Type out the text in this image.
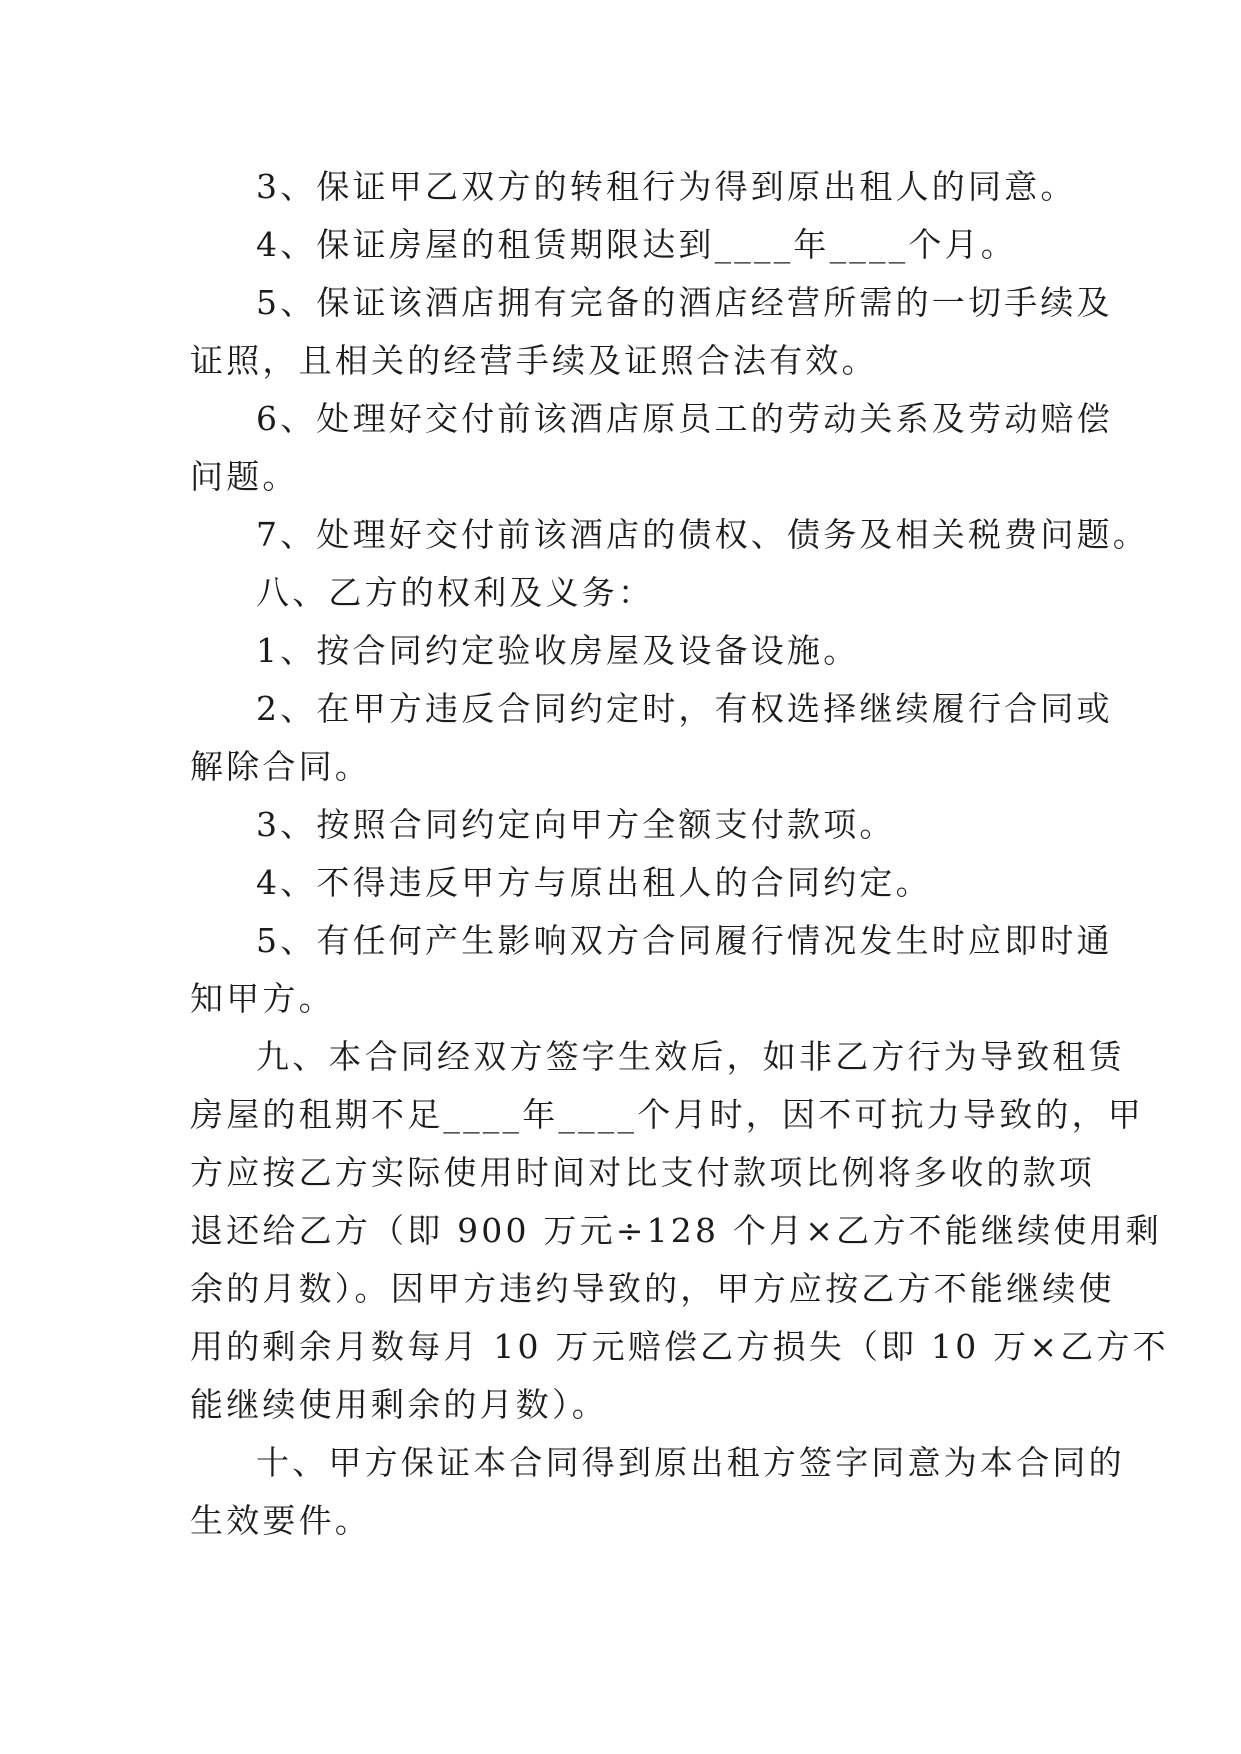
3、保证甲乙双方的转租行为得到原出租人的同意。
4、保证房屋的租赁期限达到____年____个月。
5、保证该酒店拥有完备的酒店经营所需的一切手续及
证照，且相关的经营手续及证照合法有效。
6、处理好交付前该酒店原员工的劳动关系及劳动赔偿
问题。
7、处理好交付前该酒店的债权、债务及相关税费问题。
八、乙方的权利及义务：
1、按合同约定验收房屋及设备设施。
2、在甲方违反合同约定时，有权选择继续履行合同或
解除合同。
3、按照合同约定向甲方全额支付款项。
4、不得违反甲方与原出租人的合同约定。
5、有任何产生影响双方合同履行情况发生时应即时通
知甲方。
九、本合同经双方签字生效后，如非乙方行为导致租赁
房屋的租期不足____年____个月时，因不可抗力导致的，甲
方应按乙方实际使用时间对比支付款项比例将多收的款项
退还给乙方（即 900 万元÷128 个月×乙方不能继续使用剩
余的月数）。因甲方违约导致的，甲方应按乙方不能继续使
用的剩余月数每月 10 万元赔偿乙方损失（即 10 万×乙方不
能继续使用剩余的月数）。
十、甲方保证本合同得到原出租方签字同意为本合同的
生效要件。
